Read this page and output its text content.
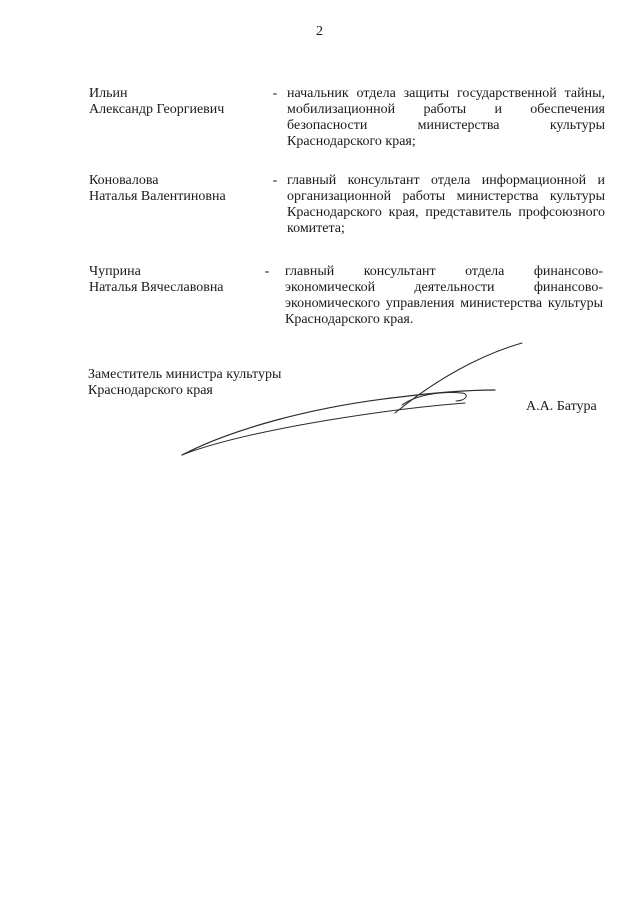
2
Ильин
Александр Георгиевич
- начальник отдела защиты государственной тайны, мобилизационной работы и обеспечения безопасности министерства культуры Краснодарского края;
Коновалова
Наталья Валентиновна
- главный консультант отдела информационной и организационной работы министерства культуры Краснодарского края, представитель профсоюзного комитета;
Чуприна
Наталья Вячеславовна
- главный консультант отдела финансово-экономической деятельности финансово-экономического управления министерства культуры Краснодарского края.
Заместитель министра культуры
Краснодарского края
А.А. Батура
